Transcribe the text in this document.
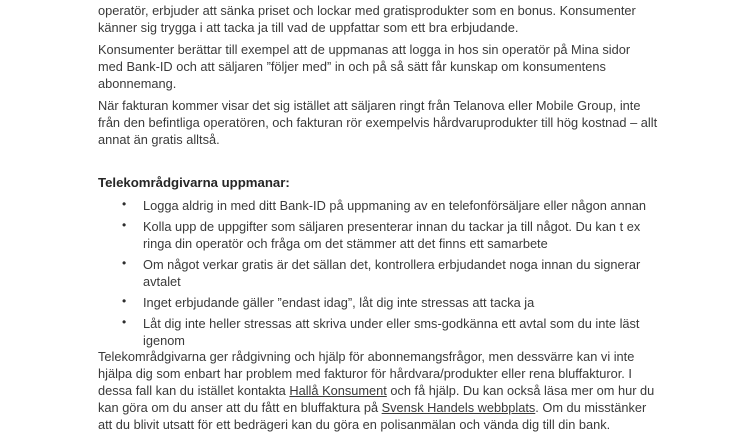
operatör, erbjuder att sänka priset och lockar med gratisprodukter som en bonus. Konsumenter känner sig trygga i att tacka ja till vad de uppfattar som ett bra erbjudande.

Konsumenter berättar till exempel att de uppmanas att logga in hos sin operatör på Mina sidor med Bank-ID och att säljaren ”följer med” in och på så sätt får kunskap om konsumentens abonnemang.

När fakturan kommer visar det sig istället att säljaren ringt från Telanova eller Mobile Group, inte från den befintliga operatören, och fakturan rör exempelvis hårdvaruprodukter till hög kostnad – allt annat än gratis alltså.

Telekområdgivarna uppmanar:
• Logga aldrig in med ditt Bank-ID på uppmaning av en telefonförsäljare eller någon annan
• Kolla upp de uppgifter som säljaren presenterar innan du tackar ja till något. Du kan t ex ringa din operatör och fråga om det stämmer att det finns ett samarbete
• Om något verkar gratis är det sällan det, kontrollera erbjudandet noga innan du signerar avtalet
• Inget erbjudande gäller ”endast idag”, låt dig inte stressas att tacka ja
• Låt dig inte heller stressas att skriva under eller sms-godkänna ett avtal som du inte läst igenom

Telekområdgivarna ger rådgivning och hjälp för abonnemangsfrågor, men dessvärre kan vi inte hjälpa dig som enbart har problem med fakturor för hårdvara/produkter eller rena bluffakturor. I dessa fall kan du istället kontakta Hallå Konsument och få hjälp. Du kan också läsa mer om hur du kan göra om du anser att du fått en bluffaktura på Svensk Handels webbplats. Om du misstänker att du blivit utsatt för ett bedrägeri kan du göra en polisanmälan och vända dig till din bank.
